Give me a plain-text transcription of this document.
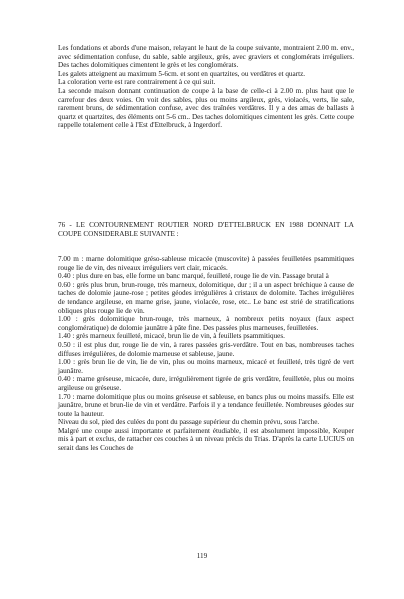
Les fondations et abords d'une maison, relayant le haut de la coupe suivante, montraient 2.00 m. env., avec sédimentation confuse, du sable, sable argileux, grès, avec graviers et conglomérats irréguliers. Des taches dolomitiques cimentent le grès et les conglomérats.

Les galets atteignent au maximum 5-6cm. et sont en quartzites, ou verdâtres et quartz.

La coloration verte est rare contrairement à ce qui suit.

La seconde maison donnant continuation de coupe à la base de celle-ci à 2.00 m. plus haut que le carrefour des deux voies. On voit des sables, plus ou moins argileux, grès, violacés, verts, lie sale, rarement bruns, de sédimentation confuse, avec des traînées verdâtres. Il y a des amas de ballasts à quartz et quartzites, des éléments ont 5-6 cm.. Des taches dolomitiques cimentent les grès. Cette coupe rappelle totalement celle à l'Est d'Ettelbruck, à Ingerdorf.

76 - LE CONTOURNEMENT ROUTIER NORD D'ETTELBRUCK EN 1988 DONNAIT LA COUPE CONSIDERABLE SUIVANTE :

7.00 m : marne dolomitique gréso-sableuse micacée (muscovite) à passées feuilletées psammitiques rouge lie de vin, des niveaux irréguliers vert clair, micacés.

0.40 : plus dure en bas, elle forme un banc marqué, feuilleté, rouge lie de vin. Passage brutal à

0.60 : grès plus brun, brun-rouge, très marneux, dolomitique, dur ; il a un aspect bréchique à cause de taches de dolomie jaune-rose ; petites géodes irrégulières à cristaux de dolomite. Taches irrégulières de tendance argileuse, en marne grise, jaune, violacée, rose, etc.. Le banc est strié de stratifications obliques plus rouge lie de vin.

1.00 : grès dolomitique brun-rouge, très marneux, à nombreux petits noyaux (faux aspect conglomératique) de dolomie jaunâtre à pâte fine. Des passées plus marneuses, feuilletées.

1.40 : grès marneux feuilleté, micacé, brun lie de vin, à feuillets psammitiques.

0.50 : il est plus dur, rouge lie de vin, à rares passées gris-verdâtre. Tout en bas, nombreuses taches diffuses irrégulières, de dolomie marneuse et sableuse, jaune.

1.00 : grès brun lie de vin, lie de vin, plus ou moins marneux, micacé et feuilleté, très tigré de vert jaunâtre.

0.40 : marne gréseuse, micacée, dure, irrégulièrement tigrée de gris verdâtre, feuilletée, plus ou moins argileuse ou gréseuse.

1.70 : marne dolomitique plus ou moins gréseuse et sableuse, en bancs plus ou moins massifs. Elle est jaunâtre, brune et brun-lie de vin et verdâtre. Parfois il y a tendance feuilletée. Nombreuses géodes sur toute la hauteur.

Niveau du sol, pied des culées du pont du passage supérieur du chemin prévu, sous l'arche.

Malgré une coupe aussi importante et parfaitement étudiable, il est absolument impossible, Keuper mis à part et exclus, de rattacher ces couches à un niveau précis du Trias. D'après la carte LUCIUS on serait dans les Couches de

119
